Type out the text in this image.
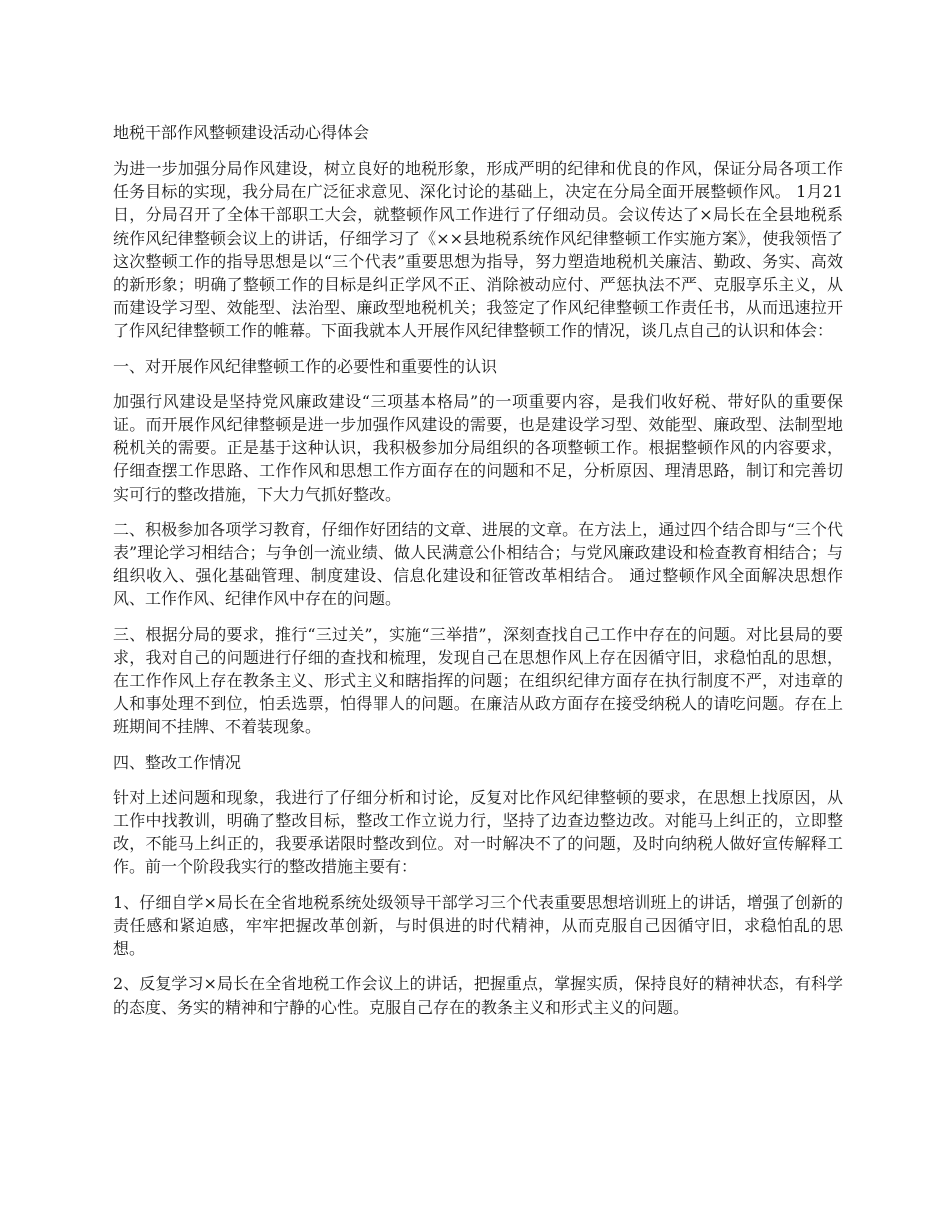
地税干部作风整顿建设活动心得体会

为进一步加强分局作风建设，树立良好的地税形象，形成严明的纪律和优良的作风，保证分局各项工作任务目标的实现，我分局在广泛征求意见、深化讨论的基础上，决定在分局全面开展整顿作风。 1月21日，分局召开了全体干部职工大会，就整顿作风工作进行了仔细动员。会议传达了×局长在全县地税系统作风纪律整顿会议上的讲话，仔细学习了《××县地税系统作风纪律整顿工作实施方案》，使我领悟了这次整顿工作的指导思想是以“三个代表”重要思想为指导，努力塑造地税机关廉洁、勤政、务实、高效的新形象；明确了整顿工作的目标是纠正学风不正、消除被动应付、严惩执法不严、克服享乐主义，从而建设学习型、效能型、法治型、廉政型地税机关；我签定了作风纪律整顿工作责任书，从而迅速拉开了作风纪律整顿工作的帷幕。下面我就本人开展作风纪律整顿工作的情况，谈几点自己的认识和体会：

一、对开展作风纪律整顿工作的必要性和重要性的认识

加强行风建设是坚持党风廉政建设“三项基本格局”的一项重要内容，是我们收好税、带好队的重要保证。而开展作风纪律整顿是进一步加强作风建设的需要，也是建设学习型、效能型、廉政型、法制型地税机关的需要。正是基于这种认识，我积极参加分局组织的各项整顿工作。根据整顿作风的内容要求，仔细查摆工作思路、工作作风和思想工作方面存在的问题和不足，分析原因、理清思路，制订和完善切实可行的整改措施，下大力气抓好整改。

二、积极参加各项学习教育，仔细作好团结的文章、进展的文章。在方法上，通过四个结合即与“三个代表”理论学习相结合；与争创一流业绩、做人民满意公仆相结合；与党风廉政建设和检查教育相结合；与组织收入、强化基础管理、制度建设、信息化建设和征管改革相结合。 通过整顿作风全面解决思想作风、工作作风、纪律作风中存在的问题。

三、根据分局的要求，推行“三过关”，实施“三举措”，深刻查找自己工作中存在的问题。对比县局的要求，我对自己的问题进行仔细的查找和梳理，发现自己在思想作风上存在因循守旧，求稳怕乱的思想，在工作作风上存在教条主义、形式主义和瞎指挥的问题；在组织纪律方面存在执行制度不严，对违章的人和事处理不到位，怕丢选票，怕得罪人的问题。在廉洁从政方面存在接受纳税人的请吃问题。存在上班期间不挂牌、不着装现象。

四、整改工作情况

针对上述问题和现象，我进行了仔细分析和讨论，反复对比作风纪律整顿的要求，在思想上找原因，从工作中找教训，明确了整改目标，整改工作立说力行，坚持了边查边整边改。对能马上纠正的，立即整改，不能马上纠正的，我要承诺限时整改到位。对一时解决不了的问题，及时向纳税人做好宣传解释工作。前一个阶段我实行的整改措施主要有：

1、仔细自学×局长在全省地税系统处级领导干部学习三个代表重要思想培训班上的讲话，增强了创新的责任感和紧迫感，牢牢把握改革创新，与时俱进的时代精神，从而克服自己因循守旧，求稳怕乱的思想。

2、反复学习×局长在全省地税工作会议上的讲话，把握重点，掌握实质，保持良好的精神状态，有科学的态度、务实的精神和宁静的心性。克服自己存在的教条主义和形式主义的问题。
